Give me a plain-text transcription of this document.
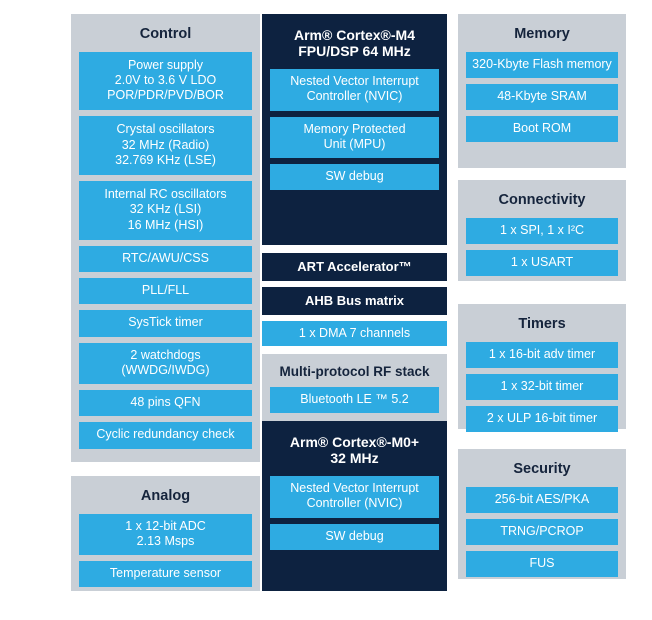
Control
Power supply
2.0V to 3.6 V LDO
POR/PDR/PVD/BOR
Crystal oscillators
32 MHz (Radio)
32.769 KHz (LSE)
Internal RC oscillators
32 KHz (LSI)
16 MHz (HSI)
RTC/AWU/CSS
PLL/FLL
SysTick timer
2 watchdogs
(WWDG/IWDG)
48 pins QFN
Cyclic redundancy check
Analog
1 x 12-bit ADC
2.13 Msps
Temperature sensor
Arm® Cortex®-M4
FPU/DSP 64 MHz
Nested Vector Interrupt
Controller (NVIC)
Memory Protected
Unit (MPU)
SW debug
ART Accelerator™
AHB Bus matrix
1 x DMA 7 channels
Multi-protocol RF stack
Bluetooth LE ™ 5.2
Arm® Cortex®-M0+
32 MHz
Nested Vector Interrupt
Controller (NVIC)
SW debug
Memory
320-Kbyte Flash memory
48-Kbyte SRAM
Boot ROM
Connectivity
1 x SPI, 1 x I²C
1 x USART
Timers
1 x 16-bit adv timer
1 x 32-bit timer
2 x ULP 16-bit timer
Security
256-bit AES/PKA
TRNG/PCROP
FUS
